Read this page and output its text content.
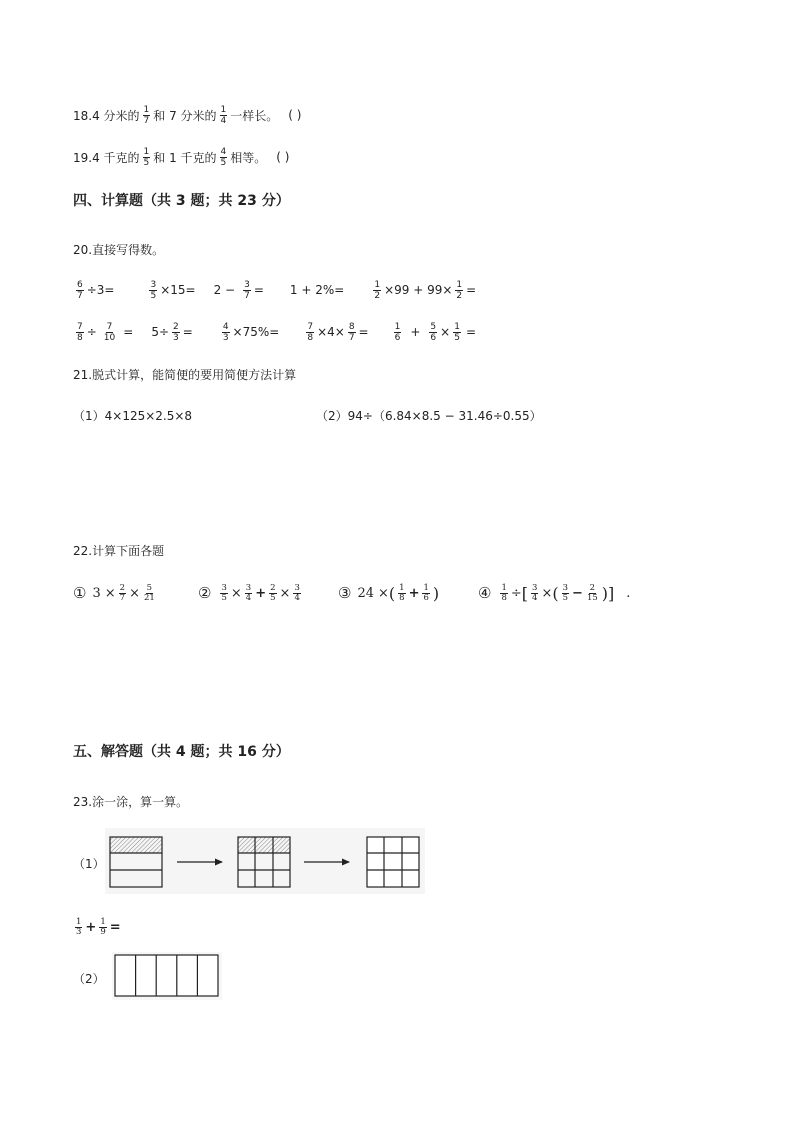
18.4 分米的 $\frac{1}{7}$ 和 7 分米的 $\frac{1}{4}$ 一样长。 ( )
19.4 千克的 $\frac{1}{5}$ 和 1 千克的 $\frac{4}{5}$ 相等。 ( )
四、计算题（共 3 题；共 23 分）
20.直接写得数。
$\frac{6}{7} \div 3=$	$\frac{3}{5} \times 15= 2 - \frac{3}{7} = 1 + 2\%=$	$\frac{1}{2} \times 99 + 99\times \frac{1}{2}$ =
$\frac{7}{8} \div \frac{7}{10} = 5\div \frac{2}{3}$ =	$\frac{4}{3} \times 75\%=$	$\frac{7}{8} \times 4\times \frac{8}{7}$ =	$\frac{1}{6} + \frac{5}{6} \times \frac{1}{5}$ =
21.脱式计算，能简便的要用简便方法计算
（1）4×125×2.5×8	（2）94÷（6.84×8.5 − 31.46÷0.55）
22.计算下面各题
① $3 \times \frac{2}{7} \times \frac{5}{21}$	② $\frac{3}{5} \times \frac{3}{4} + \frac{2}{5} \times \frac{3}{4}$ ③ 24 × ( $\frac{1}{8} + \frac{1}{6}$ )	④ $\frac{1}{8}$ ÷ [ $\frac{3}{4}$ × ( $\frac{3}{5} - \frac{2}{15}$ ) ] .
五、解答题（共 4 题；共 16 分）
23.涂一涂，算一算。
（1）
$\frac{1}{3} + \frac{1}{9}$ =
（2）
